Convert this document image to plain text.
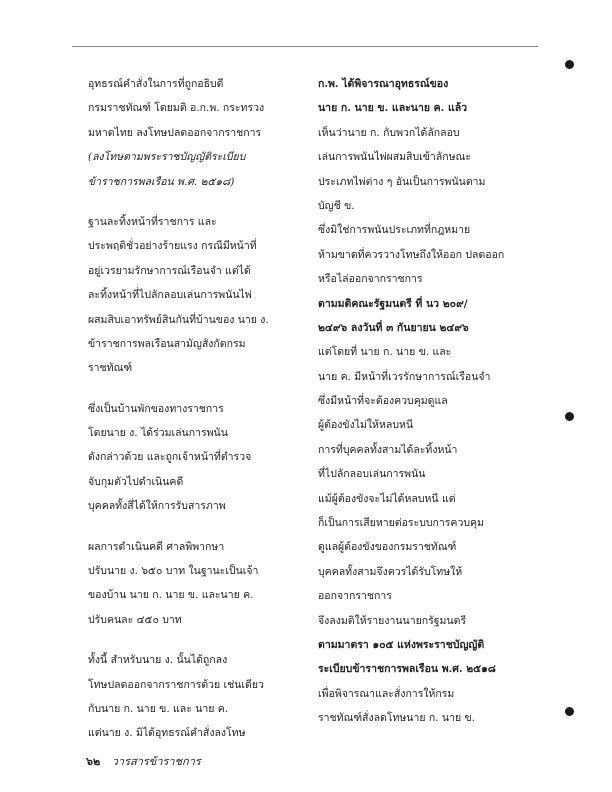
อุทธรณ์คำสั่งในการที่ถูกอธิบดี
กรมราชทัณฑ์ โดยมติ อ.ก.พ. กระทรวง
มหาดไทย ลงโทษปลดออกจากราชการ
(ลงโทษตามพระราชบัญญัติระเบียบ
ข้าราชการพลเรือน พ.ศ. ๒๕๑๘)
ฐานละทิ้งหน้าที่ราชการ และ
ประพฤติชั่วอย่างร้ายแรง กรณีมีหน้าที่
อยู่เวรยามรักษาการณ์เรือนจำ แต่ได้
ละทิ้งหน้าที่ไปลักลอบเล่นการพนันไพ่
ผสมสิบเอาทรัพย์สินกันที่บ้านของ นาย ง.
ข้าราชการพลเรือนสามัญสังกัดกรม
ราชทัณฑ์
ซึ่งเป็นบ้านพักของทางราชการ
โดยนาย ง. ได้ร่วมเล่นการพนัน
ดังกล่าวด้วย และถูกเจ้าหน้าที่ตำรวจ
จับกุมตัวไปดำเนินคดี
บุคคลทั้งสี่ได้ให้การรับสารภาพ
ผลการดำเนินคดี ศาลพิพากษา
ปรับนาย ง. ๖๕๐ บาท ในฐานะเป็นเจ้า
ของบ้าน นาย ก. นาย ข. และนาย ค.
ปรับคนละ ๔๕๐ บาท
ทั้งนี้ สำหรับนาย ง. นั้นได้ถูกลง
โทษปลดออกจากราชการด้วย เช่นเดียว
กับนาย ก. นาย ข. และ นาย ค.
แต่นาย ง. มิได้อุทธรณ์คำสั่งลงโทษ
ก.พ. ได้พิจารณาอุทธรณ์ของ
นาย ก. นาย ข. และนาย ค. แล้ว
เห็นว่านาย ก. กับพวกได้ลักลอบ
เล่นการพนันไพ่ผสมสิบเข้าลักษณะ
ประเภทไพ่ต่าง ๆ อันเป็นการพนันตาม
บัญชี ข.
ซึ่งมิใช่การพนันประเภทที่กฎหมาย
ห้ามขาดที่ควรวางโทษถึงให้ออก ปลดออก
หรือไล่ออกจากราชการ
ตามมติคณะรัฐมนตรี ที่ นว ๒๐๙/
๒๔๙๖ ลงวันที่ ๓ กันยายน ๒๔๙๖
แต่โดยที่ นาย ก. นาย ข. และ
นาย ค. มีหน้าที่เวรรักษาการณ์เรือนจำ
ซึ่งมีหน้าที่จะต้องควบคุมดูแล
ผู้ต้องขังไม่ให้หลบหนี
การที่บุคคลทั้งสามได้ละทิ้งหน้า
ที่ไปลักลอบเล่นการพนัน
แม้ผู้ต้องขังจะไม่ได้หลบหนี แต่
ก็เป็นการเสียหายต่อระบบการควบคุม
ดูแลผู้ต้องขังของกรมราชทัณฑ์
บุคคลทั้งสามจึงควรได้รับโทษให้
ออกจากราชการ
จึงลงมติให้รายงานนายกรัฐมนตรี
ตามมาตรา ๑๐๕ แห่งพระราชบัญญัติ
ระเบียบข้าราชการพลเรือน พ.ศ. ๒๕๑๘
เพื่อพิจารณาและสั่งการให้กรม
ราชทัณฑ์สั่งลดโทษนาย ก. นาย ข.
๖๒ วารสารข้าราชการ
